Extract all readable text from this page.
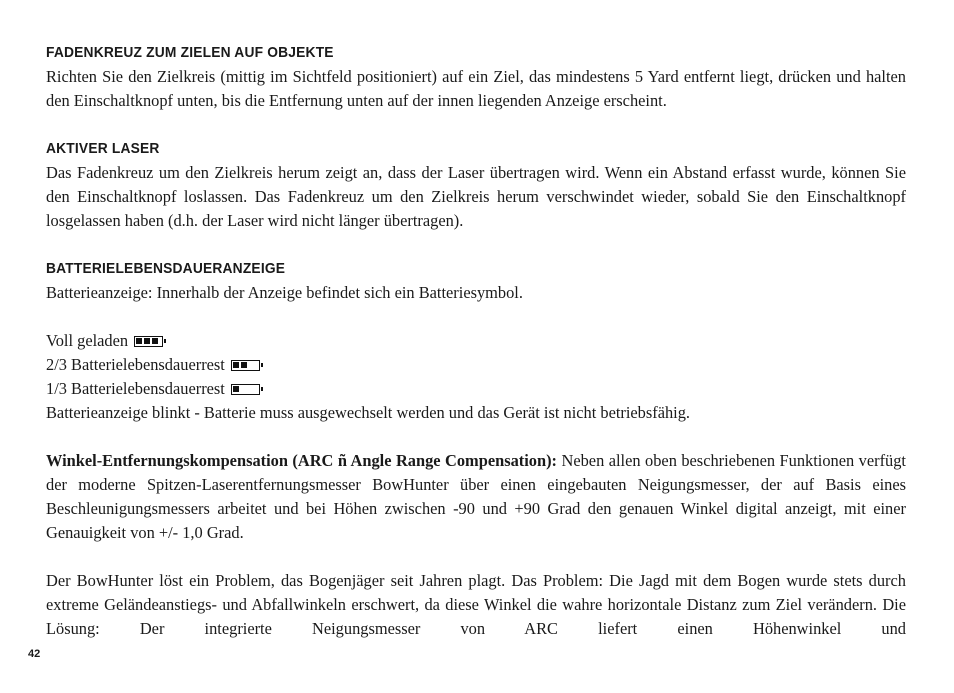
FADENKREUZ ZUM ZIELEN AUF OBJEKTE

Richten Sie den Zielkreis (mittig im Sichtfeld positioniert) auf ein Ziel, das mindestens 5 Yard entfernt liegt, drücken und halten den Einschaltknopf unten, bis die Entfernung unten auf der innen liegenden Anzeige erscheint.

AKTIVER LASER

Das Fadenkreuz um den Zielkreis herum zeigt an, dass der Laser übertragen wird. Wenn ein Abstand erfasst wurde, können Sie den Einschaltknopf loslassen. Das Fadenkreuz um den Zielkreis herum verschwindet wieder, sobald Sie den Einschaltknopf losgelassen haben (d.h. der Laser wird nicht länger übertragen).

BATTERIELEBENSDAUERANZEIGE

Batterieanzeige: Innerhalb der Anzeige befindet sich ein Batteriesymbol.

Voll geladen

2/3 Batterielebensdauerrest

1/3 Batterielebensdauerrest

Batterieanzeige blinkt - Batterie muss ausgewechselt werden und das Gerät ist nicht betriebsfähig.

Winkel-Entfernungskompensation (ARC ñ Angle Range Compensation): Neben allen oben beschriebenen Funktionen verfügt der moderne Spitzen-Laserentfernungsmesser BowHunter über einen eingebauten Neigungsmesser, der auf Basis eines Beschleunigungsmessers arbeitet und bei Höhen zwischen -90 und +90 Grad den genauen Winkel digital anzeigt, mit einer Genauigkeit von +/- 1,0 Grad.

Der BowHunter löst ein Problem, das Bogenjäger seit Jahren plagt. Das Problem: Die Jagd mit dem Bogen wurde stets durch extreme Geländeanstiegs- und Abfallwinkeln erschwert, da diese Winkel die wahre horizontale Distanz zum Ziel verändern. Die Lösung: Der integrierte Neigungsmesser von ARC liefert einen Höhenwinkel und

42
